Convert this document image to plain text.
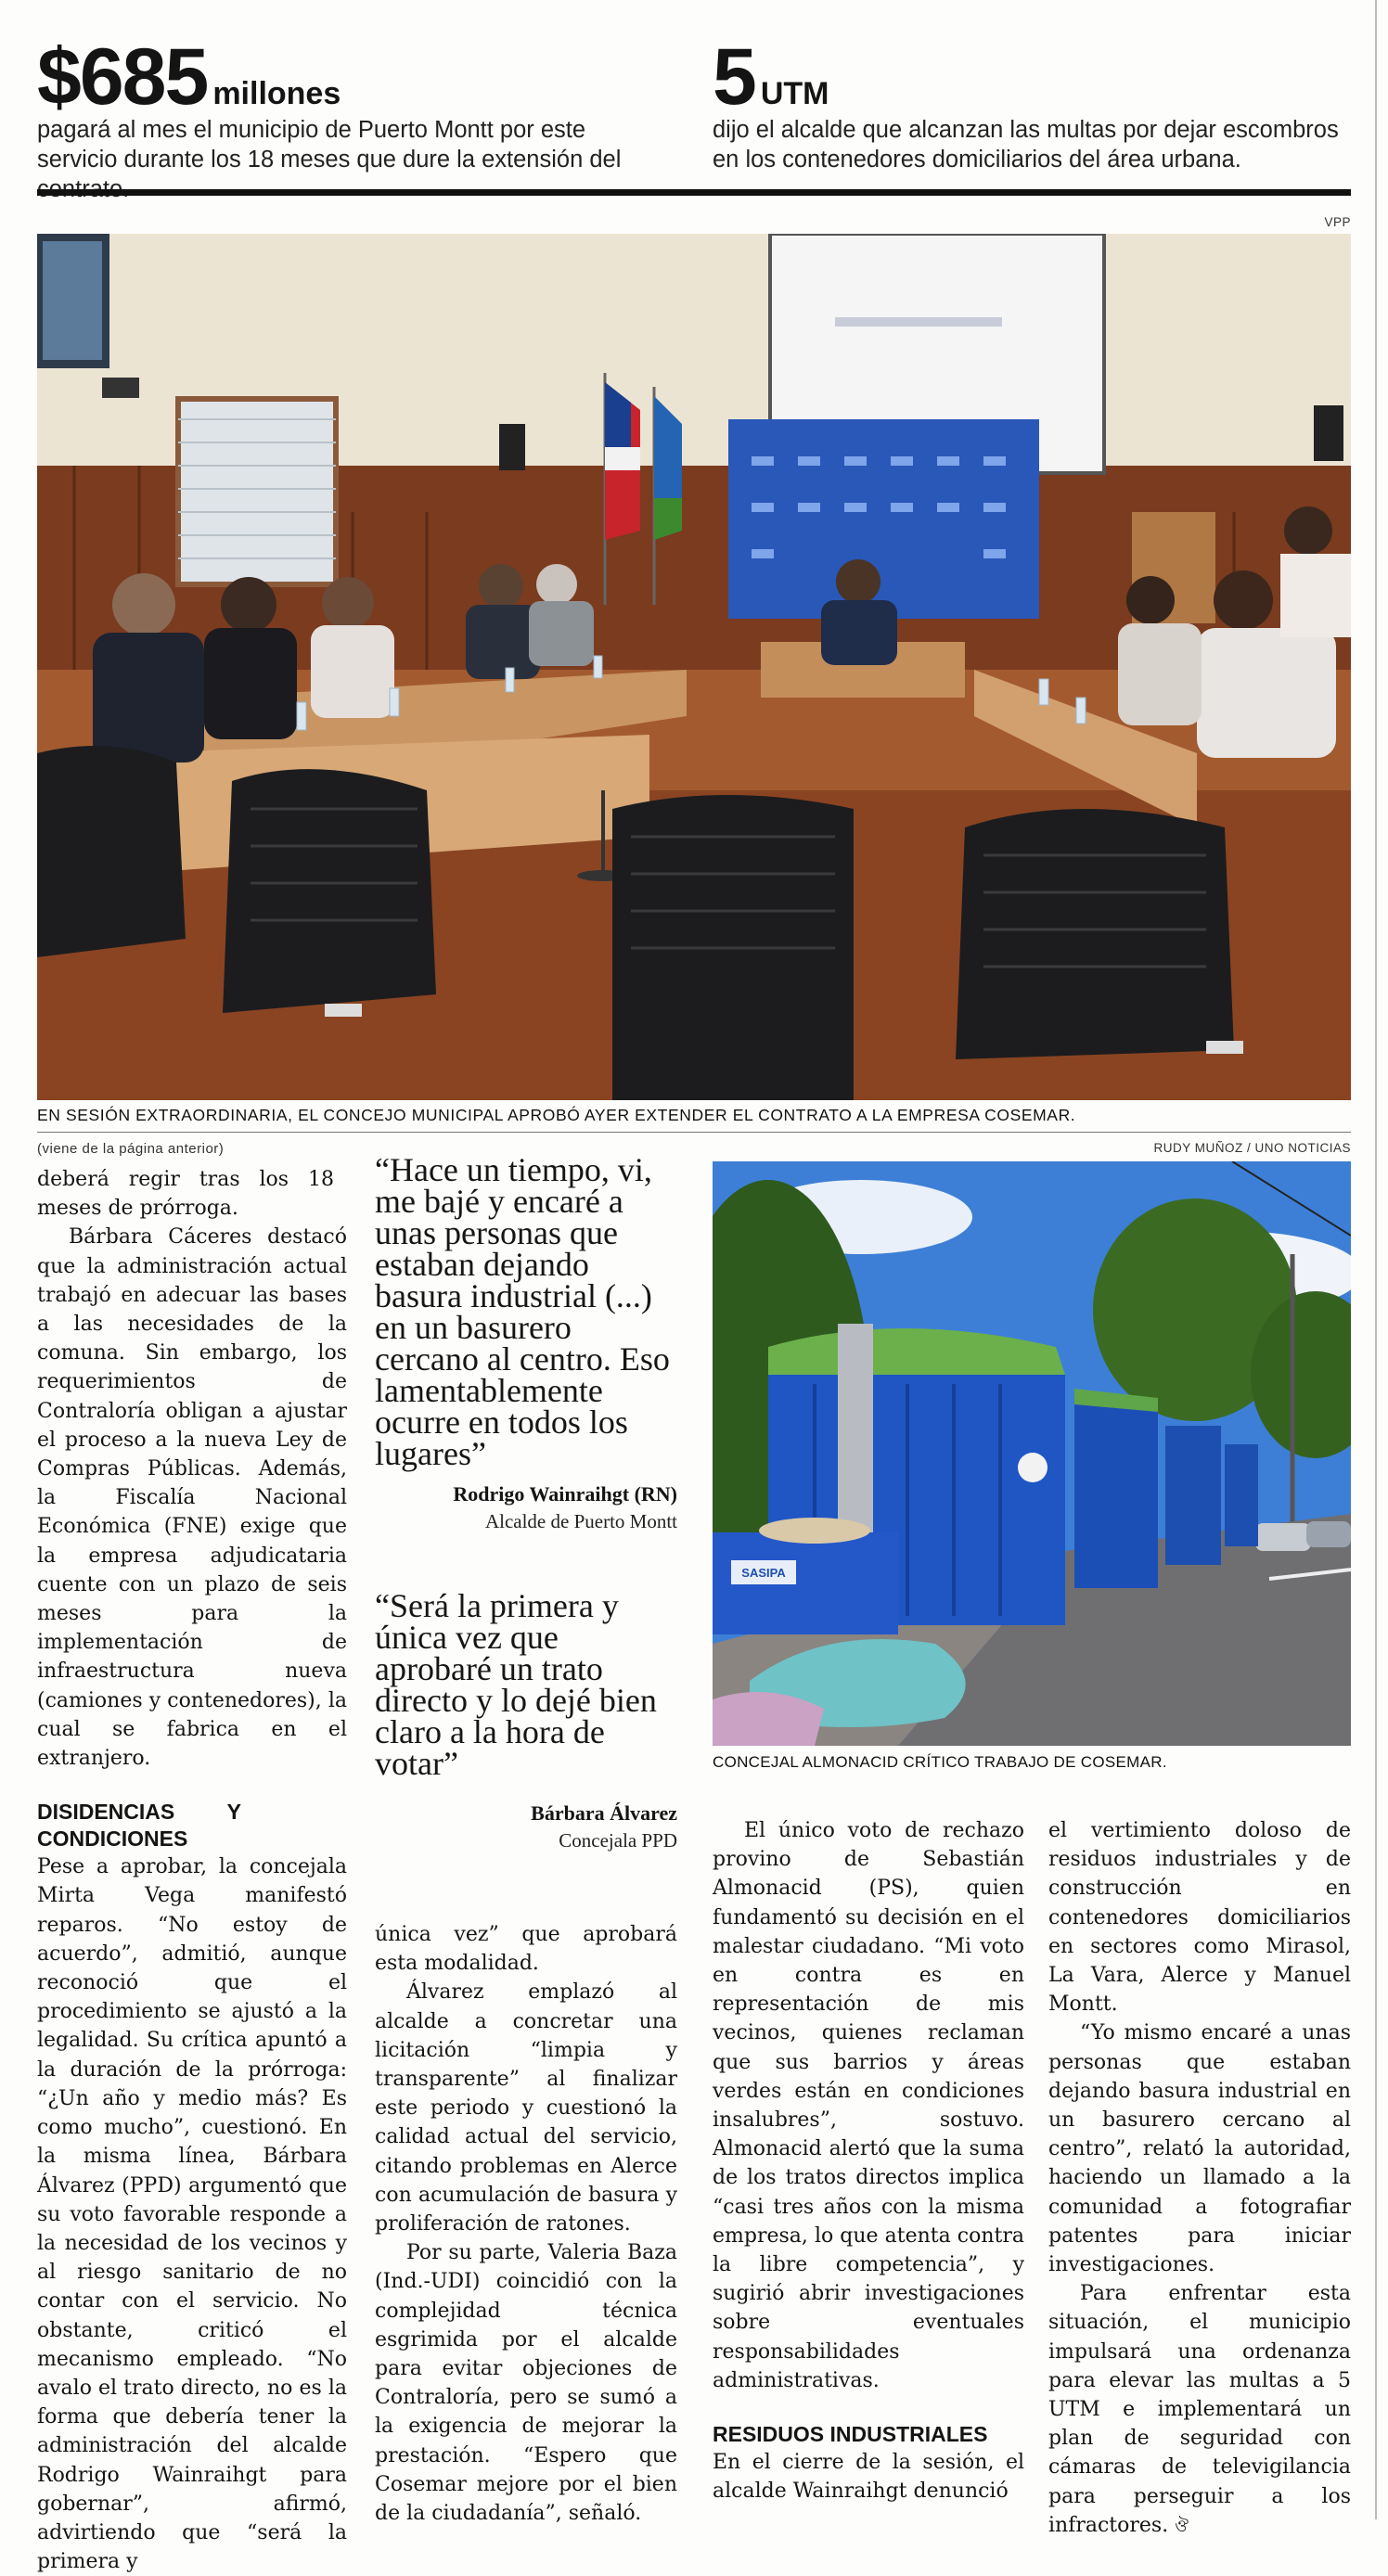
$685 millones
pagará al mes el municipio de Puerto Montt por este servicio durante los 18 meses que dure la extensión del
5 UTM
dijo el alcalde que alcanzan las multas por dejar escombros en los contenedores domiciliarios del área urbana.
VPP
EN SESIÓN EXTRAORDINARIA, EL CONCEJO MUNICIPAL APROBÓ AYER EXTENDER EL CONTRATO A LA EMPRESA COSEMAR.
(viene de la página anterior)

deberá regir tras los 18 meses de prórroga.

Bárbara Cáceres destacó que la administración actual trabajó en adecuar las bases a las necesidades de la comuna. Sin embargo, los requerimientos de Contraloría obligan a ajustar el proceso a la nueva Ley de Compras Públicas. Además, la Fiscalía Nacional Económica (FNE) exige que la empresa adjudicataria cuente con un plazo de seis meses para la implementación de infraestructura nueva (camiones y contenedores), la cual se fabrica en el extranjero.

DISIDENCIAS Y CONDICIONES

Pese a aprobar, la concejala Mirta Vega manifestó reparos. “No estoy de acuerdo”, admitió, aunque reconoció que el procedimiento se ajustó a la legalidad. Su crítica apuntó a la duración de la prórroga: “¿Un año y medio más? Es como mucho”, cuestionó. En la misma línea, Bárbara Álvarez (PPD) argumentó que su voto favorable responde a la necesidad de los vecinos y al riesgo sanitario de no contar con el servicio. No obstante, criticó el mecanismo empleado. “No avalo el trato directo, no es la forma que debería tener la administración del alcalde Rodrigo Wainraihgt para gobernar”, afirmó, advirtiendo que “será la primera y

“Hace un tiempo, vi, me bajé y encaré a unas personas que estaban dejando basura industrial (...) en un basurero cercano al centro. Eso lamentablemente ocurre en todos los lugares”
Rodrigo Wainraihgt (RN)
Alcalde de Puerto Montt
“Será la primera y única vez que aprobaré un trato directo y lo dejé bien claro a la hora de votar”
Bárbara Álvarez
Concejala PPD

única vez” que aprobará esta modalidad.

Álvarez emplazó al alcalde a concretar una licitación “limpia y transparente” al finalizar este periodo y cuestionó la calidad actual del servicio, citando problemas en Alerce con acumulación de basura y proliferación de ratones.

Por su parte, Valeria Baza (Ind.-UDI) coincidió con la complejidad técnica esgrimida por el alcalde para evitar objeciones de Contraloría, pero se sumó a la exigencia de mejorar la prestación. “Espero que Cosemar mejore por el bien de la ciudadanía”, señaló.

RUDY MUÑOZ / UNO NOTICIAS
SASIPA
CONCEJAL ALMONACID CRÍTICO TRABAJO DE COSEMAR.

El único voto de rechazo provino de Sebastián Almonacid (PS), quien fundamentó su decisión en el malestar ciudadano. “Mi voto en contra es en representación de mis vecinos, quienes reclaman que sus barrios y áreas verdes están en condiciones insalubres”, sostuvo. Almonacid alertó que la suma de los tratos directos implica “casi tres años con la misma empresa, lo que atenta contra la libre competencia”, y sugirió abrir investigaciones sobre eventuales responsabilidades administrativas.

RESIDUOS INDUSTRIALES

En el cierre de la sesión, el alcalde Wainraihgt denunció

el vertimiento doloso de residuos industriales y de construcción en contenedores domiciliarios en sectores como Mirasol, La Vara, Alerce y Manuel Montt.

“Yo mismo encaré a unas personas que estaban dejando basura industrial en un basurero cercano al centro”, relató la autoridad, haciendo un llamado a la comunidad a fotografiar patentes para iniciar investigaciones.

Para enfrentar esta situación, el municipio impulsará una ordenanza para elevar las multas a 5 UTM e implementará un plan de seguridad con cámaras de televigilancia para perseguir a los infractores. ঔ
